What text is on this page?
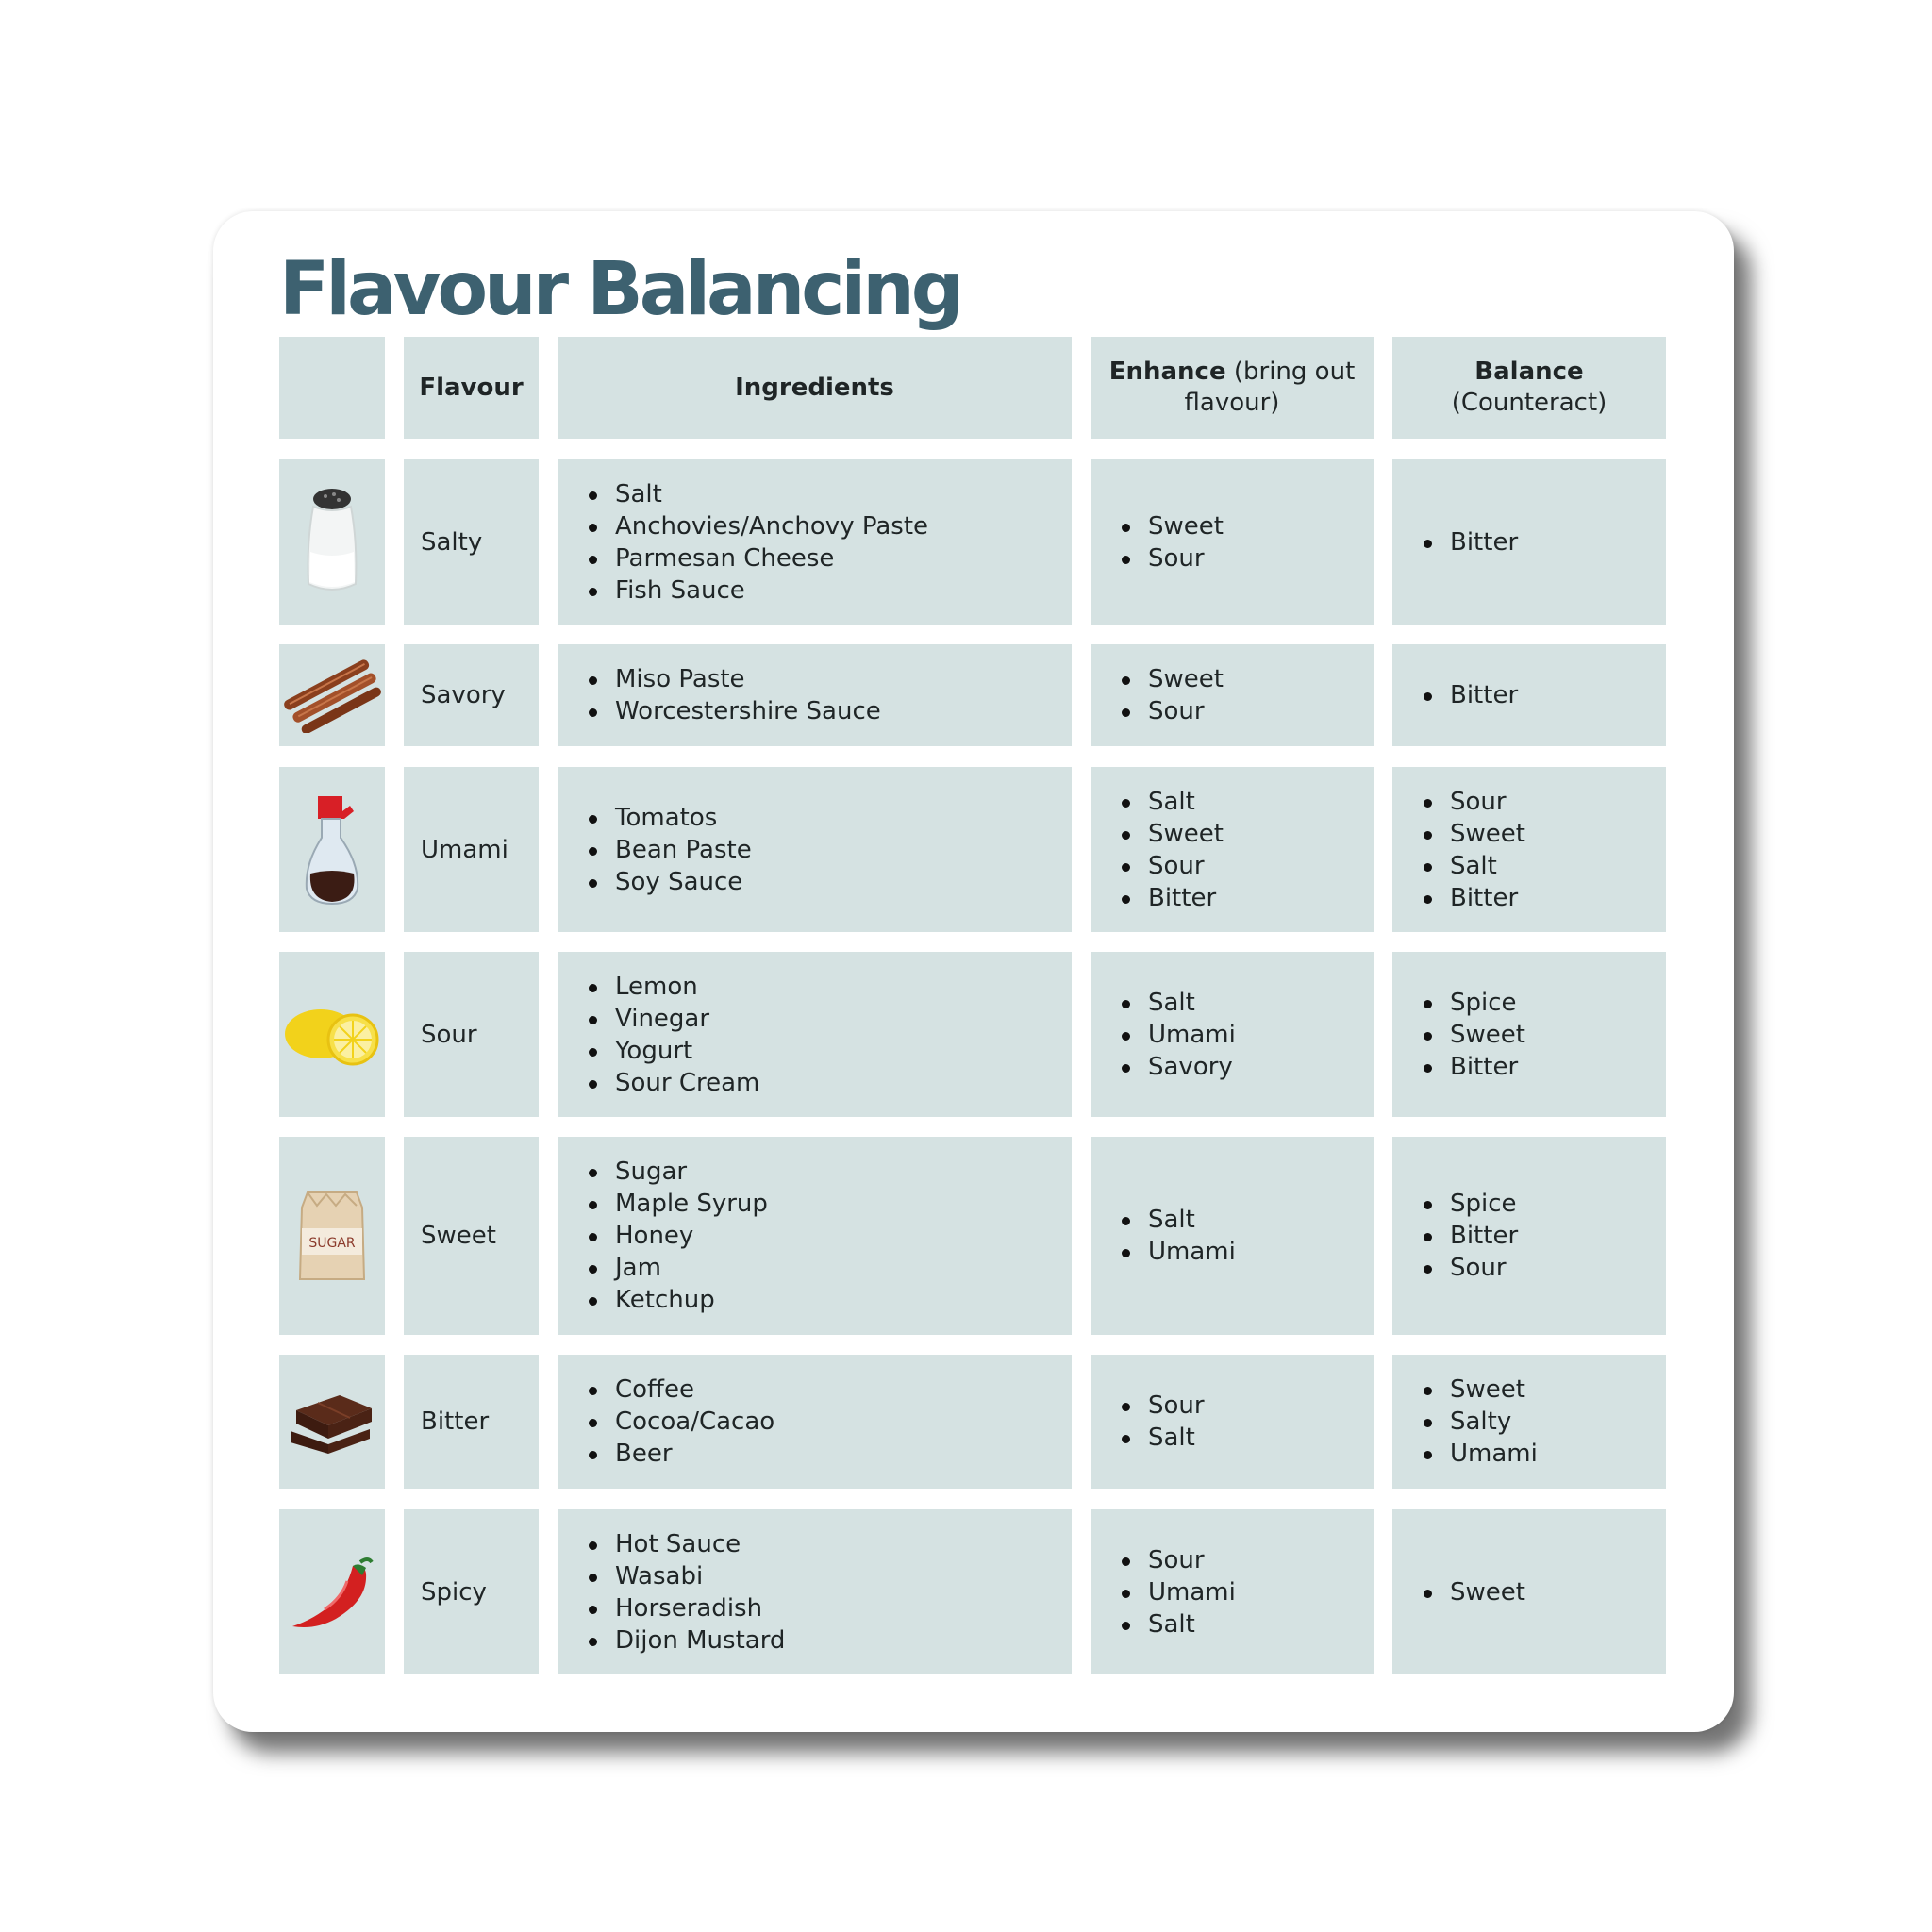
Flavour Balancing
Flavour	Ingredients
Enhance (bring out
flavour)
Balance
(Counteract)
Salty
Salt
Anchovies/Anchovy Paste
Parmesan Cheese
Fish Sauce
Sweet
Sour
Bitter
Savory
Miso Paste
Worcestershire Sauce
Sweet
Sour
Bitter
Umami
Tomatos
Bean Paste
Soy Sauce
Salt
Sweet
Sour
Bitter
Sour
Sweet
Salt
Bitter
Sour
Lemon
Vinegar
Yogurt
Sour Cream
Salt
Umami
Savory
Spice
Sweet
Bitter
SUGAR	Sweet
Sugar
Maple Syrup
Honey
Jam
Ketchup
Salt
Umami
Spice
Bitter
Sour
Bitter
Coffee
Cocoa/Cacao
Beer
Sour
Salt
Sweet
Salty
Umami
Spicy
Hot Sauce
Wasabi
Horseradish
Dijon Mustard
Sour
Umami
Salt
Sweet
